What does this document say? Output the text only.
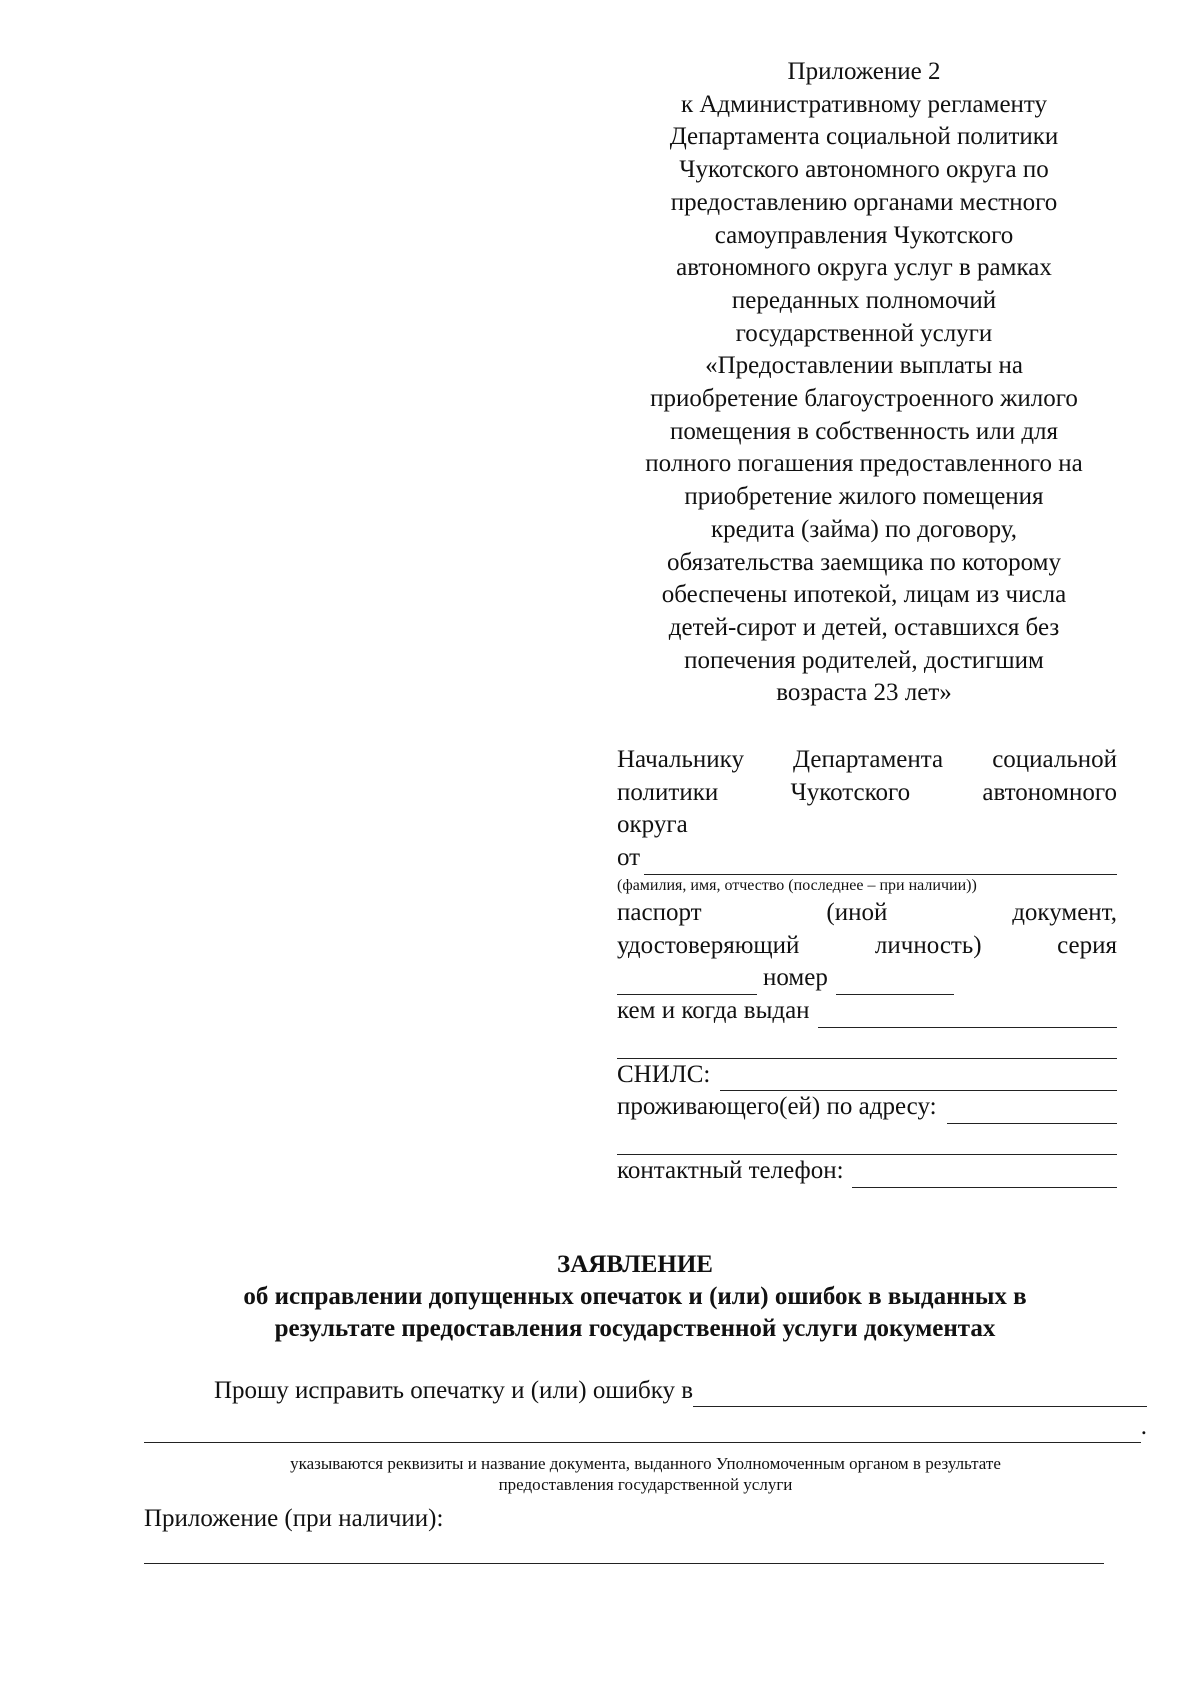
Приложение 2
к Административному регламенту
Департамента социальной политики
Чукотского автономного округа по
предоставлению органами местного
самоуправления Чукотского
автономного округа услуг в рамках
переданных полномочий
государственной услуги
«Предоставлении выплаты на
приобретение благоустроенного жилого
помещения в собственность или для
полного погашения предоставленного на
приобретение жилого помещения
кредита (займа) по договору,
обязательства заемщика по которому
обеспечены ипотекой, лицам из числа
детей-сирот и детей, оставшихся без
попечения родителей, достигшим
возраста 23 лет»
Начальнику Департамента социальной
политики	Чукотского	автономного
округа
от
(фамилия, имя, отчество (последнее – при наличии))
паспорт	(иной	документ,
удостоверяющий	личность)	серия
номер
кем и когда выдан
СНИЛС:
проживающего(ей) по адресу:
контактный телефон:
ЗАЯВЛЕНИЕ
об исправлении допущенных опечаток и (или) ошибок в выданных в
результате предоставления государственной услуги документах
Прошу исправить опечатку и (или) ошибку в
.
указываются реквизиты и название документа, выданного Уполномоченным органом в результате
предоставления государственной услуги
Приложение (при наличии):
